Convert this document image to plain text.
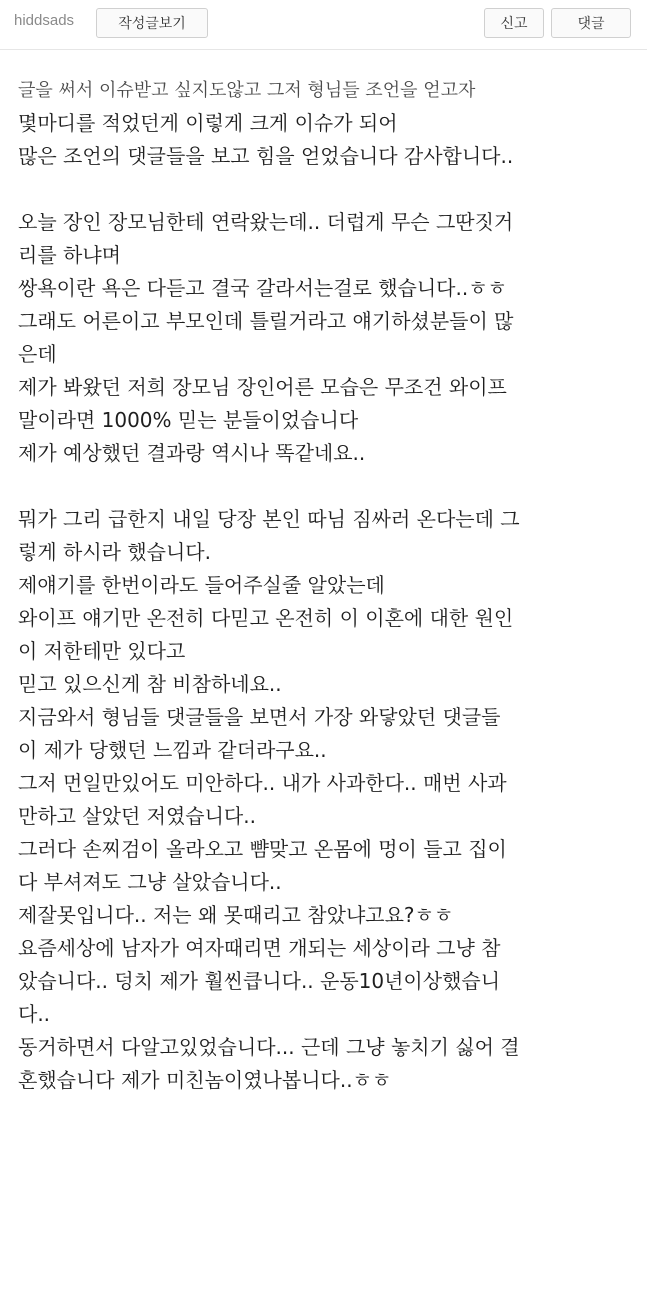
hiddsads	작성글보기	신고	댓글
글을 써서 이슈받고 싶지도않고 그저 형님들 조언을 얻고자
몇마디를 적었던게 이렇게 크게 이슈가 되어
많은 조언의 댓글들을 보고 힘을 얻었습니다 감사합니다..
오늘 장인 장모님한테 연락왔는데.. 더럽게 무슨 그딴짓거
리를 하냐며
쌍욕이란 욕은 다듣고 결국 갈라서는걸로 했습니다..ㅎㅎ
그래도 어른이고 부모인데 틀릴거라고 얘기하셨분들이 많
은데
제가 봐왔던 저희 장모님 장인어른 모습은 무조건 와이프
말이라면 1000% 믿는 분들이었습니다
제가 예상했던 결과랑 역시나 똑같네요..
뭐가 그리 급한지 내일 당장 본인 따님 짐싸러 온다는데 그
렇게 하시라 했습니다.
제얘기를 한번이라도 들어주실줄 알았는데
와이프 얘기만 온전히 다믿고 온전히 이 이혼에 대한 원인
이 저한테만 있다고
믿고 있으신게 참 비참하네요..
지금와서 형님들 댓글들을 보면서 가장 와닿았던 댓글들
이 제가 당했던 느낌과 같더라구요..
그저 먼일만있어도 미안하다.. 내가 사과한다.. 매번 사과
만하고 살았던 저였습니다..
그러다 손찌검이 올라오고 뺨맞고 온몸에 멍이 들고 집이
다 부셔져도 그냥 살았습니다..
제잘못입니다.. 저는 왜 못때리고 참았냐고요?ㅎㅎ
요즘세상에 남자가 여자때리면 개되는 세상이라 그냥 참
았습니다.. 덩치 제가 훨씬큽니다.. 운동10년이상했습니
다..
동거하면서 다알고있었습니다... 근데 그냥 놓치기 싫어 결
혼했습니다 제가 미친놈이였나봅니다..ㅎㅎ
